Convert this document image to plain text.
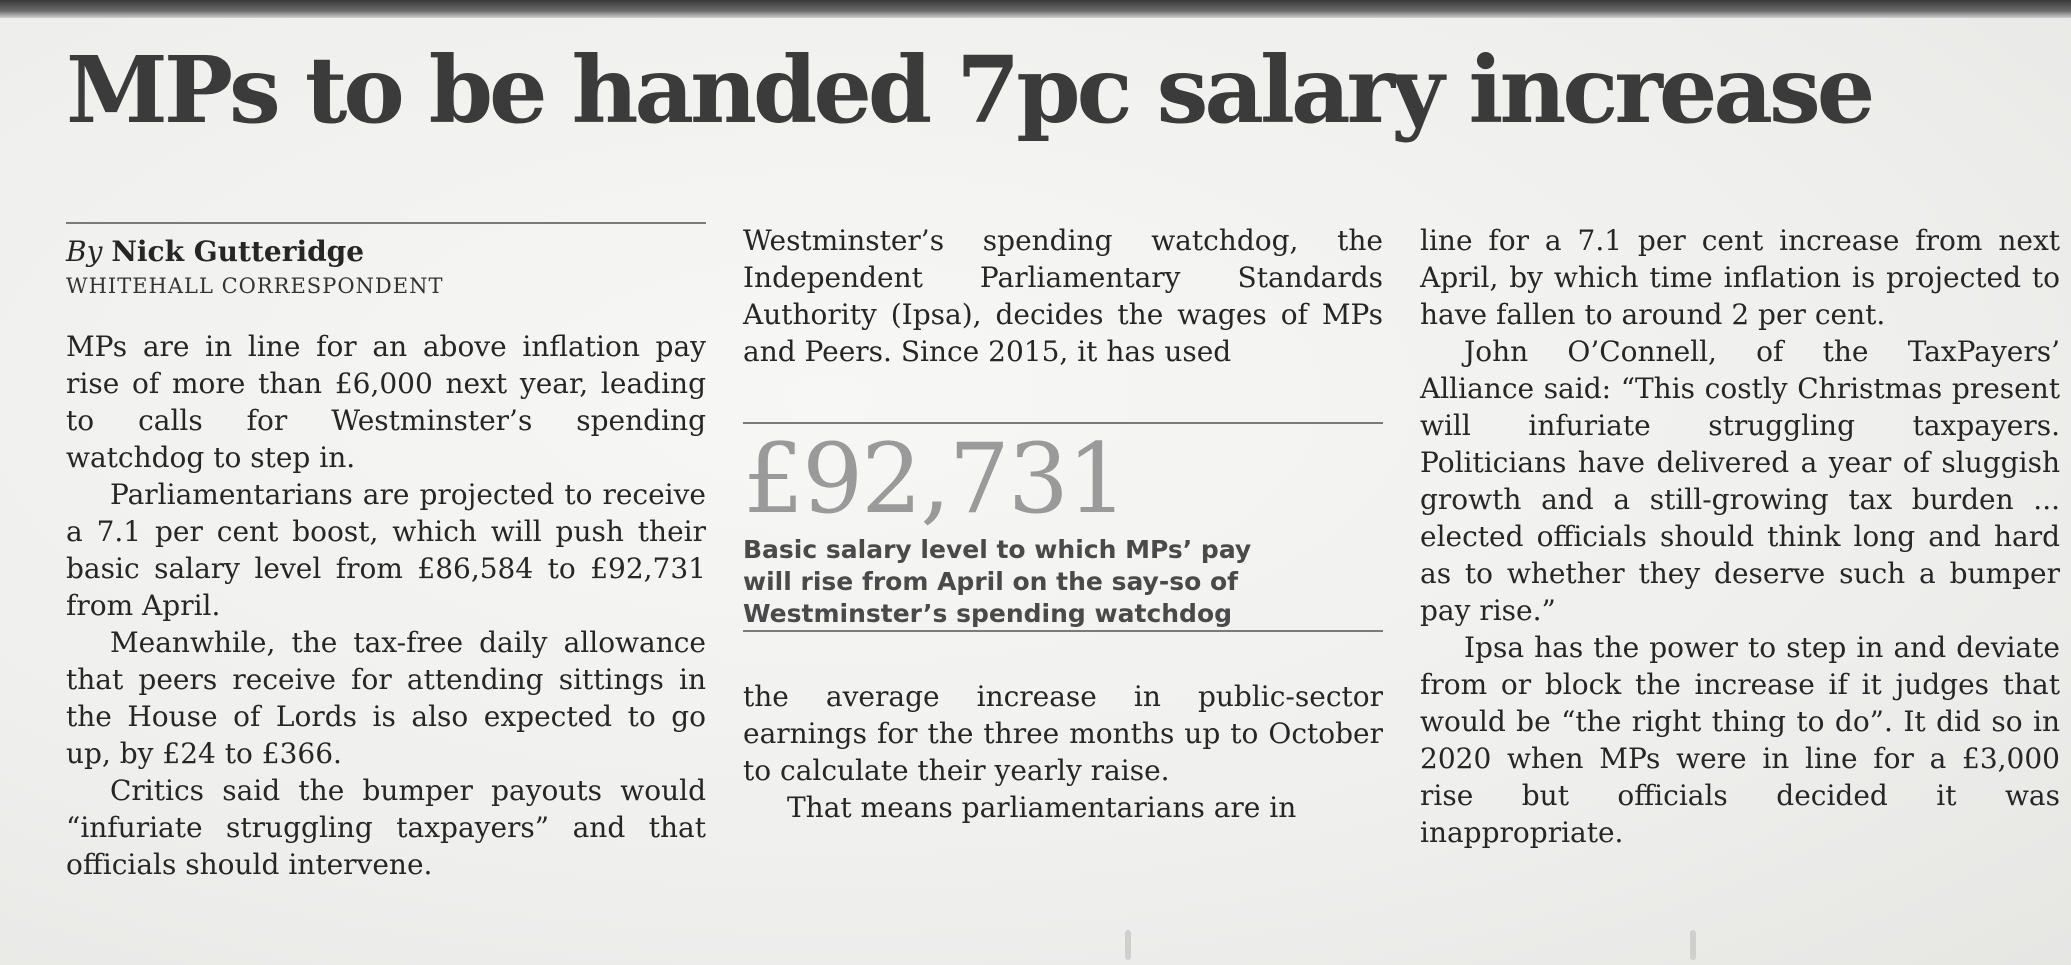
MPs to be handed 7pc salary increase

By Nick Gutteridge

WHITEHALL CORRESPONDENT

MPs are in line for an above inflation pay rise of more than £6,000 next year, leading to calls for Westminster’s spending watchdog to step in.

Parliamentarians are projected to receive a 7.1 per cent boost, which will push their basic salary level from £86,584 to £92,731 from April.

Meanwhile, the tax-free daily allowance that peers receive for attending sittings in the House of Lords is also expected to go up, by £24 to £366.

Critics said the bumper payouts would “infuriate struggling taxpayers” and that officials should intervene.

Westminster’s spending watchdog, the Independent Parliamentary Standards Authority (Ipsa), decides the wages of MPs and Peers. Since 2015, it has used

£92,731

Basic salary level to which MPs’ pay will rise from April on the say-so of Westminster’s spending watchdog

the average increase in public-sector earnings for the three months up to October to calculate their yearly raise.

That means parliamentarians are in

line for a 7.1 per cent increase from next April, by which time inflation is projected to have fallen to around 2 per cent.

John O’Connell, of the TaxPayers’ Alliance said: “This costly Christmas present will infuriate struggling taxpayers. Politicians have delivered a year of sluggish growth and a still-growing tax burden ... elected officials should think long and hard as to whether they deserve such a bumper pay rise.”

Ipsa has the power to step in and deviate from or block the increase if it judges that would be “the right thing to do”. It did so in 2020 when MPs were in line for a £3,000 rise but officials decided it was inappropriate.
